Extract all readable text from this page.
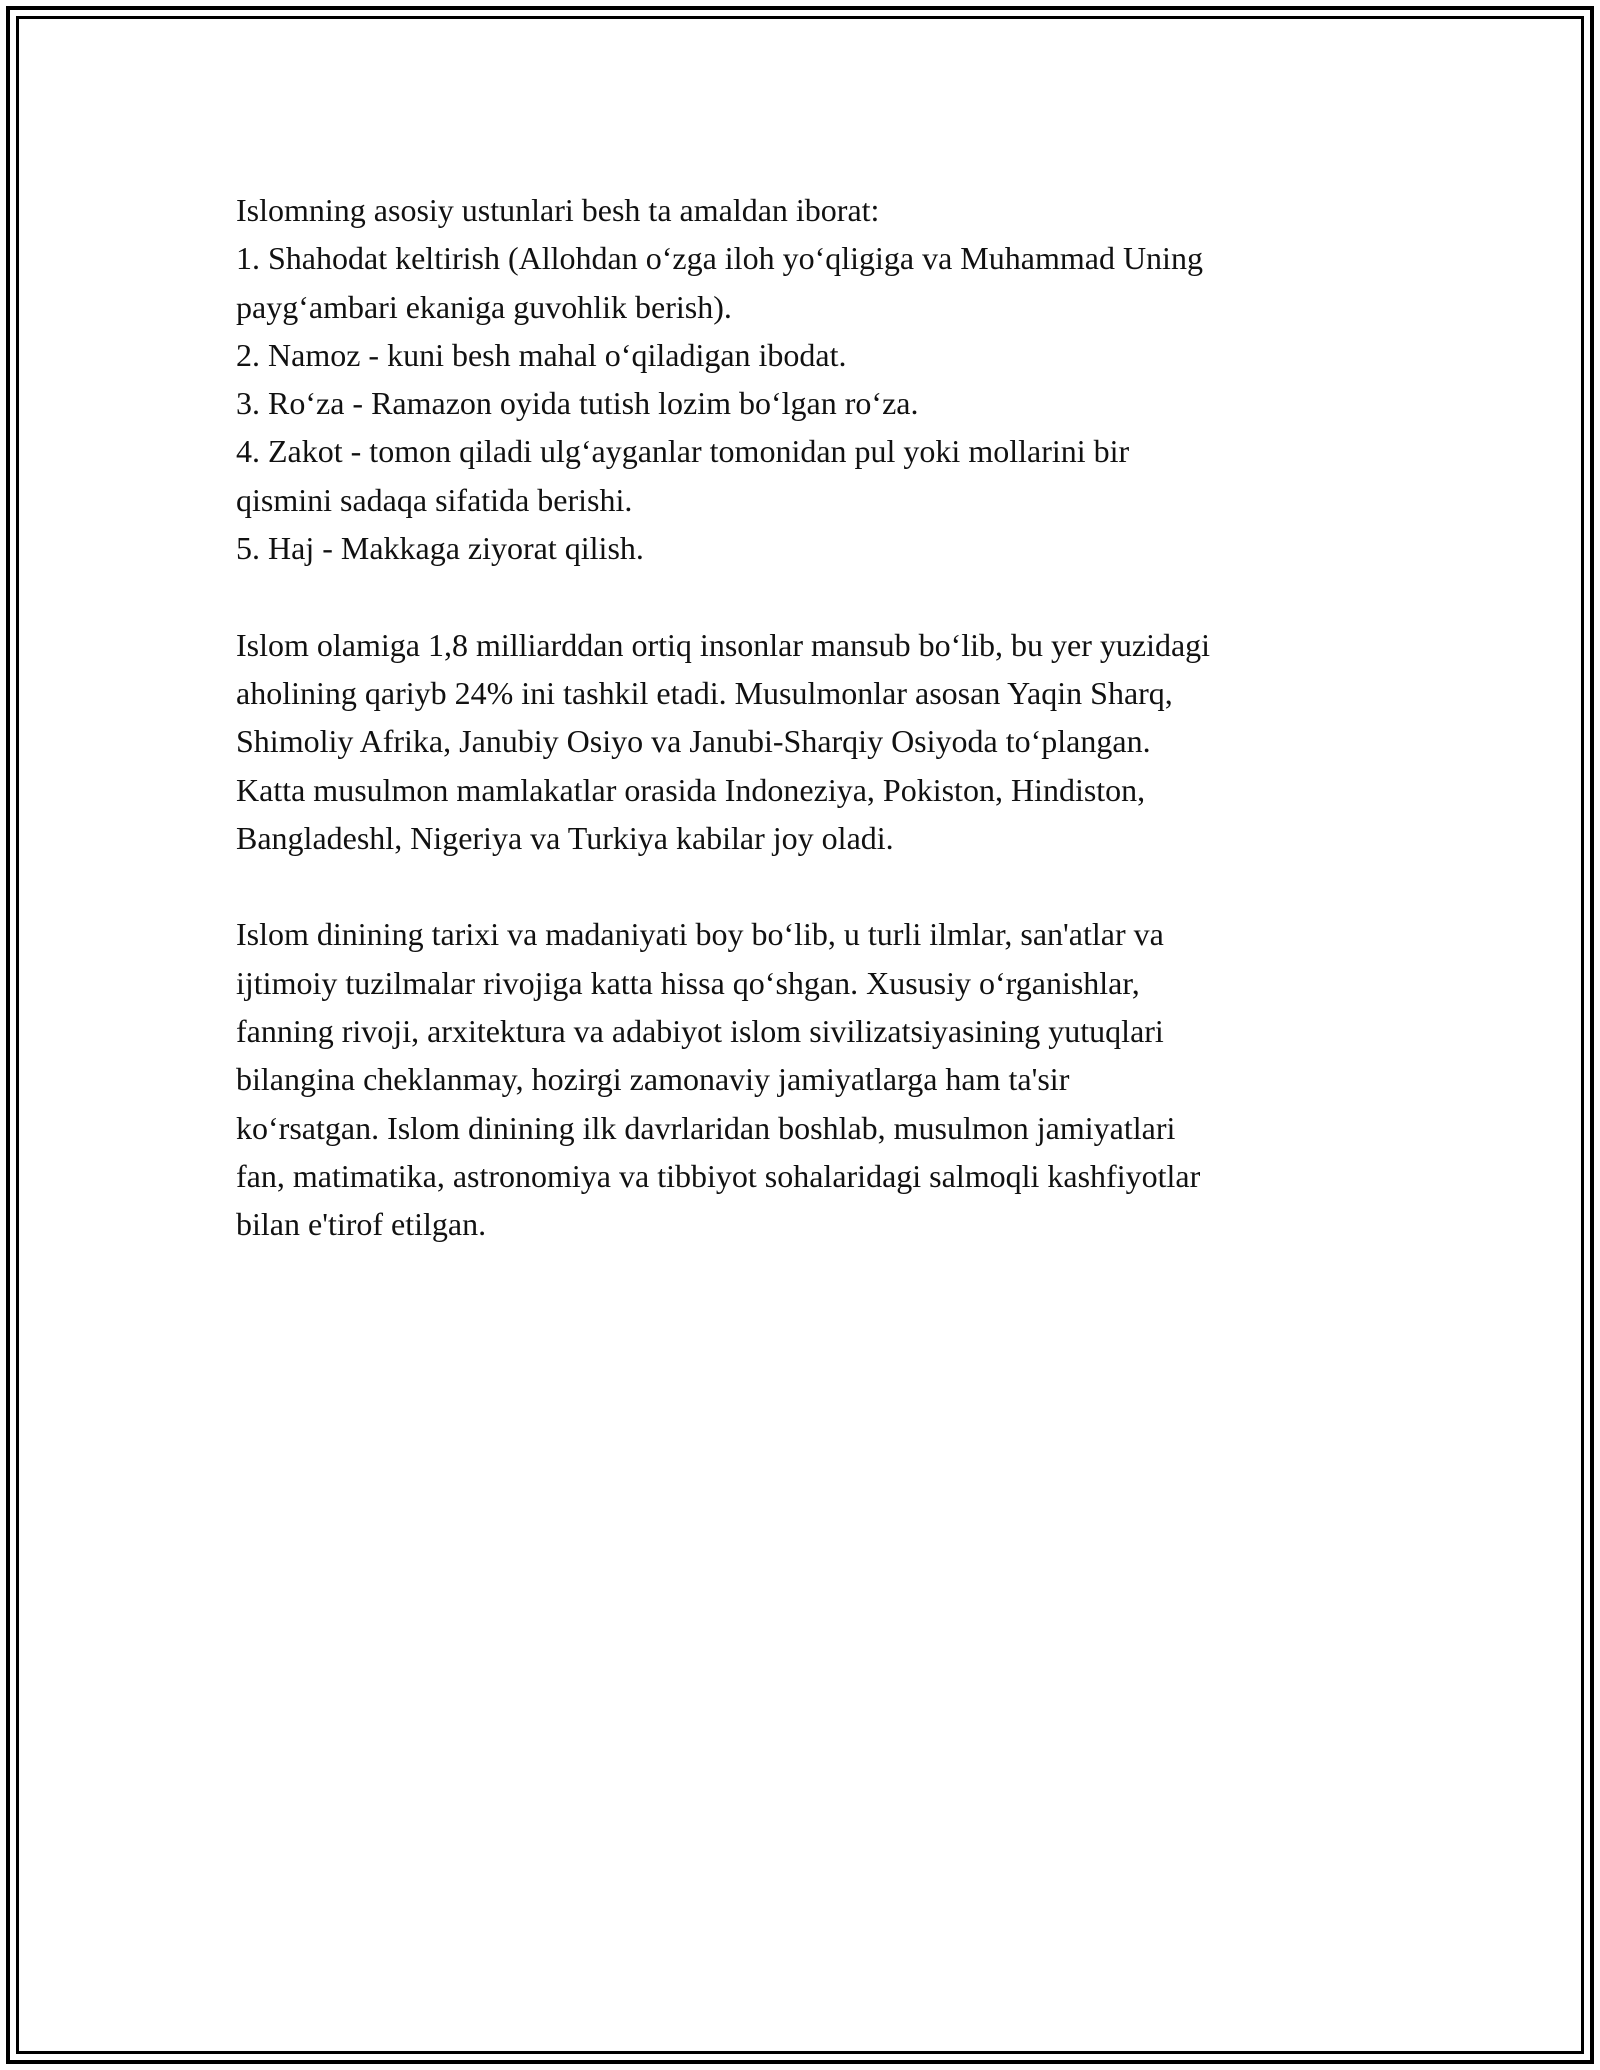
Islomning asosiy ustunlari besh ta amaldan iborat:
1. Shahodat keltirish (Allohdan o‘zga iloh yo‘qligiga va Muhammad Uning
payg‘ambari ekaniga guvohlik berish).
2. Namoz - kuni besh mahal o‘qiladigan ibodat.
3. Ro‘za - Ramazon oyida tutish lozim bo‘lgan ro‘za.
4. Zakot - tomon qiladi ulg‘ayganlar tomonidan pul yoki mollarini bir
qismini sadaqa sifatida berishi.
5. Haj - Makkaga ziyorat qilish.
Islom olamiga 1,8 milliarddan ortiq insonlar mansub bo‘lib, bu yer yuzidagi
aholining qariyb 24% ini tashkil etadi. Musulmonlar asosan Yaqin Sharq,
Shimoliy Afrika, Janubiy Osiyo va Janubi-Sharqiy Osiyoda to‘plangan.
Katta musulmon mamlakatlar orasida Indoneziya, Pokiston, Hindiston,
Bangladeshl, Nigeriya va Turkiya kabilar joy oladi.
Islom dinining tarixi va madaniyati boy bo‘lib, u turli ilmlar, san'atlar va
ijtimoiy tuzilmalar rivojiga katta hissa qo‘shgan. Xususiy o‘rganishlar,
fanning rivoji, arxitektura va adabiyot islom sivilizatsiyasining yutuqlari
bilangina cheklanmay, hozirgi zamonaviy jamiyatlarga ham ta'sir
ko‘rsatgan. Islom dinining ilk davrlaridan boshlab, musulmon jamiyatlari
fan, matimatika, astronomiya va tibbiyot sohalaridagi salmoqli kashfiyotlar
bilan e'tirof etilgan.
